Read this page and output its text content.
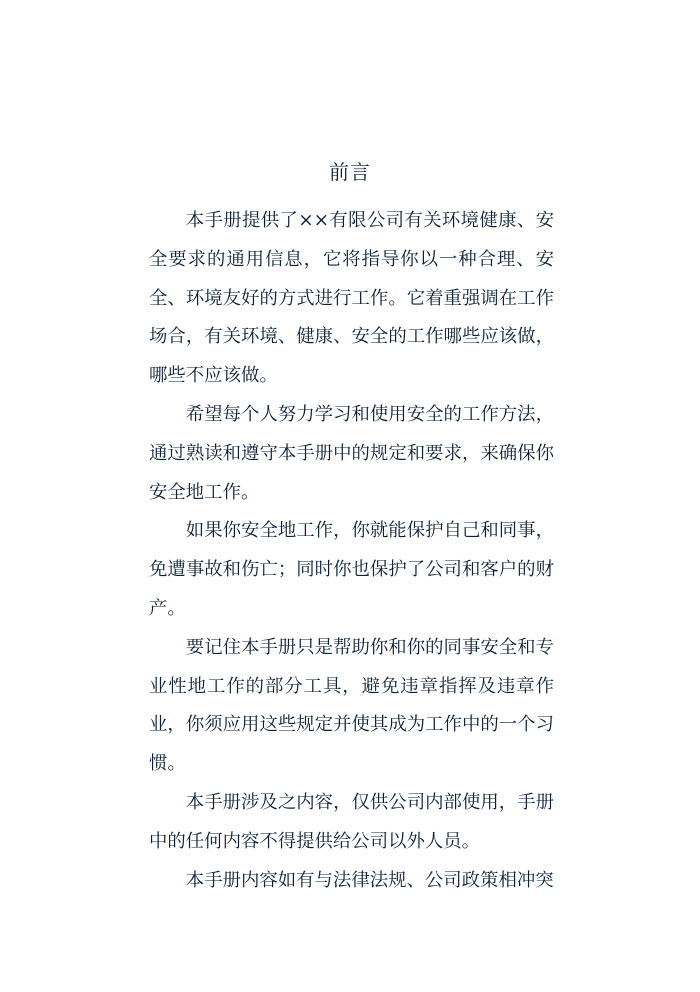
前言

本手册提供了××有限公司有关环境健康、安全要求的通用信息，它将指导你以一种合理、安全、环境友好的方式进行工作。它着重强调在工作场合，有关环境、健康、安全的工作哪些应该做，哪些不应该做。

希望每个人努力学习和使用安全的工作方法，通过熟读和遵守本手册中的规定和要求，来确保你安全地工作。

如果你安全地工作，你就能保护自己和同事，免遭事故和伤亡；同时你也保护了公司和客户的财产。

要记住本手册只是帮助你和你的同事安全和专业性地工作的部分工具，避免违章指挥及违章作业，你须应用这些规定并使其成为工作中的一个习惯。

本手册涉及之内容，仅供公司内部使用，手册中的任何内容不得提供给公司以外人员。

本手册内容如有与法律法规、公司政策相冲突
